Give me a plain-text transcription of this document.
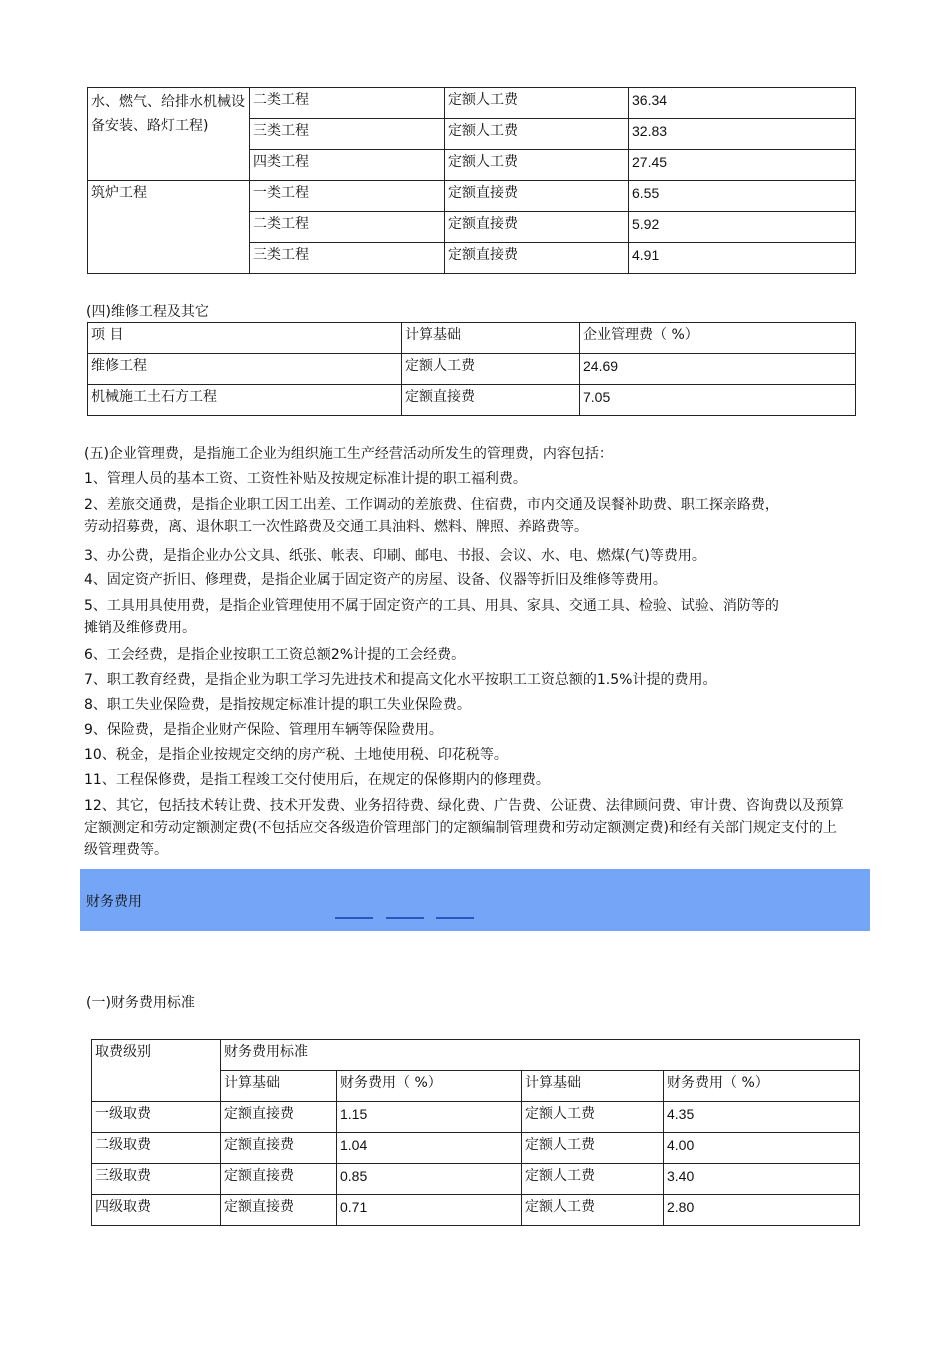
水、燃气、给排水机械设备安装、路灯工程)	二类工程	定额人工费	36.34
	三类工程	定额人工费	32.83
	四类工程	定额人工费	27.45
筑炉工程	一类工程	定额直接费	6.55
	二类工程	定额直接费	5.92
	三类工程	定额直接费	4.91
(四)维修工程及其它
项 目	计算基础	企业管理费（ %）
维修工程	定额人工费	24.69
机械施工土石方工程	定额直接费	7.05
(五)企业管理费，是指施工企业为组织施工生产经营活动所发生的管理费，内容包括：
1、管理人员的基本工资、工资性补贴及按规定标准计提的职工福利费。
2、差旅交通费，是指企业职工因工出差、工作调动的差旅费、住宿费，市内交通及误餐补助费、职工探亲路费，劳动招募费，离、退休职工一次性路费及交通工具油料、燃料、牌照、养路费等。
3、办公费，是指企业办公文具、纸张、帐表、印刷、邮电、书报、会议、水、电、燃煤(气)等费用。
4、固定资产折旧、修理费，是指企业属于固定资产的房屋、设备、仪器等折旧及维修等费用。
5、工具用具使用费，是指企业管理使用不属于固定资产的工具、用具、家具、交通工具、检验、试验、消防等的摊销及维修费用。
6、工会经费，是指企业按职工工资总额2%计提的工会经费。
7、职工教育经费，是指企业为职工学习先进技术和提高文化水平按职工工资总额的1.5%计提的费用。
8、职工失业保险费，是指按规定标准计提的职工失业保险费。
9、保险费，是指企业财产保险、管理用车辆等保险费用。
10、税金，是指企业按规定交纳的房产税、土地使用税、印花税等。
11、工程保修费，是指工程竣工交付使用后，在规定的保修期内的修理费。
12、其它，包括技术转让费、技术开发费、业务招待费、绿化费、广告费、公证费、法律顾问费、审计费、咨询费以及预算定额测定和劳动定额测定费(不包括应交各级造价管理部门的定额编制管理费和劳动定额测定费)和经有关部门规定支付的上级管理费等。
财务费用
(一)财务费用标准
取费级别	财务费用标准			
	计算基础	财务费用（ %）	计算基础	财务费用（ %）
一级取费	定额直接费	1.15	定额人工费	4.35
二级取费	定额直接费	1.04	定额人工费	4.00
三级取费	定额直接费	0.85	定额人工费	3.40
四级取费	定额直接费	0.71	定额人工费	2.80
